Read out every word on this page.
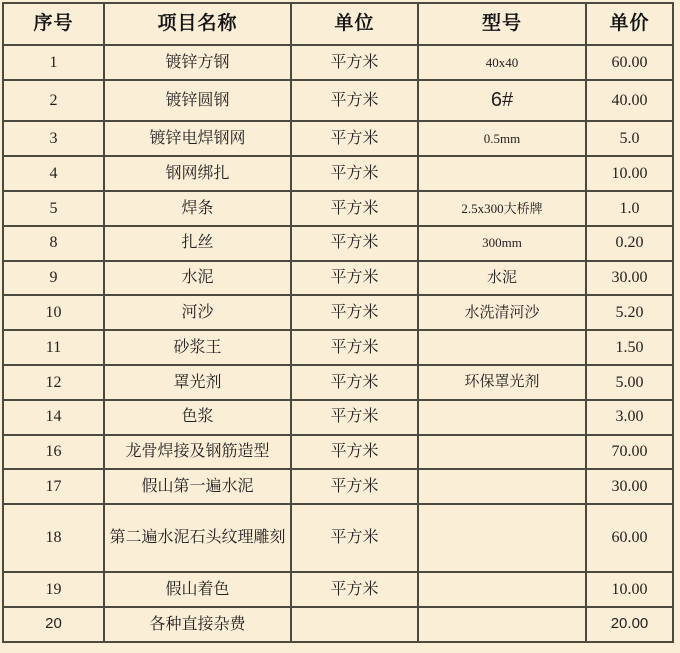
序号	项目名称	单位	型号	单价
1	镀锌方钢	平方米	40x40	60.00
2	镀锌圆钢	平方米	6#	40.00
3	镀锌电焊钢网	平方米	0.5mm	5.0
4	钢网绑扎	平方米		10.00
5	焊条	平方米	2.5x300大桥牌	1.0
8	扎丝	平方米	300mm	0.20
9	水泥	平方米	水泥	30.00
10	河沙	平方米	水洗清河沙	5.20
11	砂浆王	平方米		1.50
12	罩光剂	平方米	环保罩光剂	5.00
14	色浆	平方米		3.00
16	龙骨焊接及钢筋造型	平方米		70.00
17	假山第一遍水泥	平方米		30.00
18	第二遍水泥石头纹理雕刻	平方米		60.00
19	假山着色	平方米		10.00
20	各种直接杂费			20.00
